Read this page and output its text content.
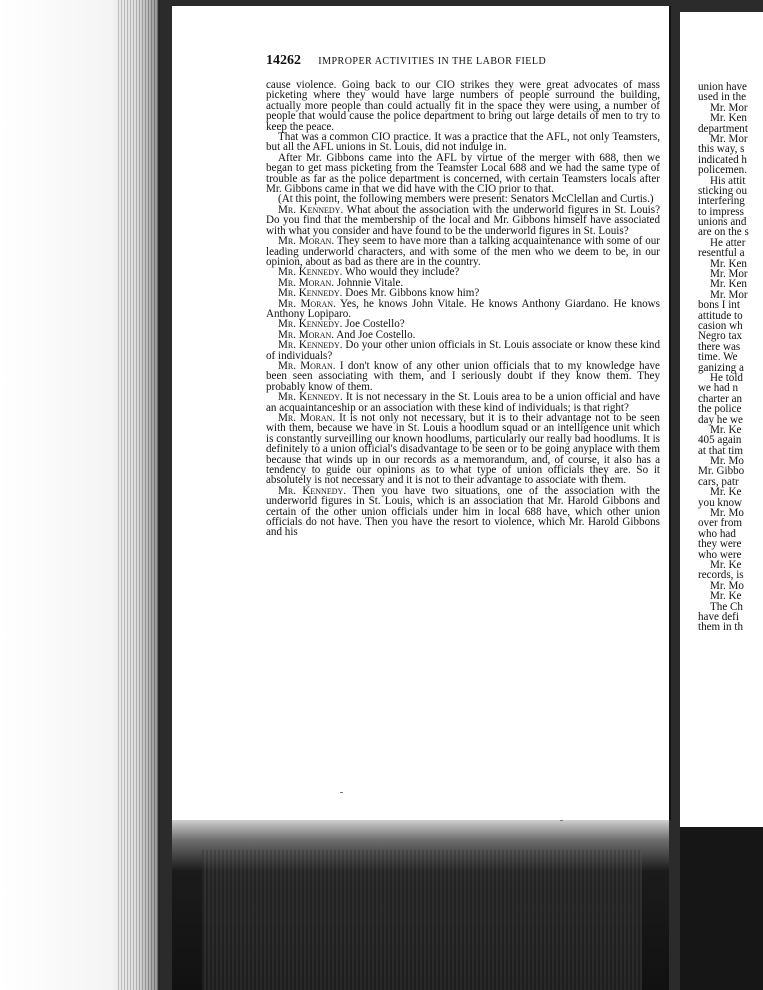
14262 IMPROPER ACTIVITIES IN THE LABOR FIELD

cause violence. Going back to our CIO strikes they were great advocates of mass picketing where they would have large numbers of people surround the building, actually more people than could actually fit in the space they were using, a number of people that would cause the police department to bring out large details of men to try to keep the peace.

That was a common CIO practice. It was a practice that the AFL, not only Teamsters, but all the AFL unions in St. Louis, did not indulge in.

After Mr. Gibbons came into the AFL by virtue of the merger with 688, then we began to get mass picketing from the Teamster Local 688 and we had the same type of trouble as far as the police department is concerned, with certain Teamsters locals after Mr. Gibbons came in that we did have with the CIO prior to that.

(At this point, the following members were present: Senators McClellan and Curtis.)

Mr. Kennedy. What about the association with the underworld figures in St. Louis? Do you find that the membership of the local and Mr. Gibbons himself have associated with what you consider and have found to be the underworld figures in St. Louis?

Mr. Moran. They seem to have more than a talking acquaintenance with some of our leading underworld characters, and with some of the men who we deem to be, in our opinion, about as bad as there are in the country.

Mr. Kennedy. Who would they include?

Mr. Moran. Johnnie Vitale.

Mr. Kennedy. Does Mr. Gibbons know him?

Mr. Moran. Yes, he knows John Vitale. He knows Anthony Giardano. He knows Anthony Lopiparo.

Mr. Kennedy. Joe Costello?

Mr. Moran. And Joe Costello.

Mr. Kennedy. Do your other union officials in St. Louis associate or know these kind of individuals?

Mr. Moran. I don't know of any other union officials that to my knowledge have been seen associating with them, and I seriously doubt if they know them. They probably know of them.

Mr. Kennedy. It is not necessary in the St. Louis area to be a union official and have an acquaintanceship or an association with these kind of individuals; is that right?

Mr. Moran. It is not only not necessary, but it is to their advantage not to be seen with them, because we have in St. Louis a hoodlum squad or an intelligence unit which is constantly surveilling our known hoodlums, particularly our really bad hoodlums. It is definitely to a union official's disadvantage to be seen or to be going anyplace with them because that winds up in our records as a memorandum, and, of course, it also has a tendency to guide our opinions as to what type of union officials they are. So it absolutely is not necessary and it is not to their advantage to associate with them.

Mr. Kennedy. Then you have two situations, one of the association with the underworld figures in St. Louis, which is an association that Mr. Harold Gibbons and certain of the other union officials under him in local 688 have, which other union officials do not have. Then you have the resort to violence, which Mr. Harold Gibbons and his

union have
used in the
Mr. Mor
Mr. Ken
department
Mr. Mor
this way, s
indicated h
policemen.
His attit
sticking ou
interfering
to impress
unions and
are on the s
He atter
resentful a
Mr. Ken
Mr. Mor
Mr. Ken
Mr. Mor
bons I int
attitude to
casion wh
Negro tax
there was
time. We
ganizing a
He told
we had n
charter an
the police
day he we
Mr. Ke
405 again
at that tim
Mr. Mo
Mr. Gibbo
cars, patr
Mr. Ke
you know
Mr. Mo
over from
who had
they were
who were
Mr. Ke
records, is
Mr. Mo
Mr. Ke
The Ch
have defi
them in th
